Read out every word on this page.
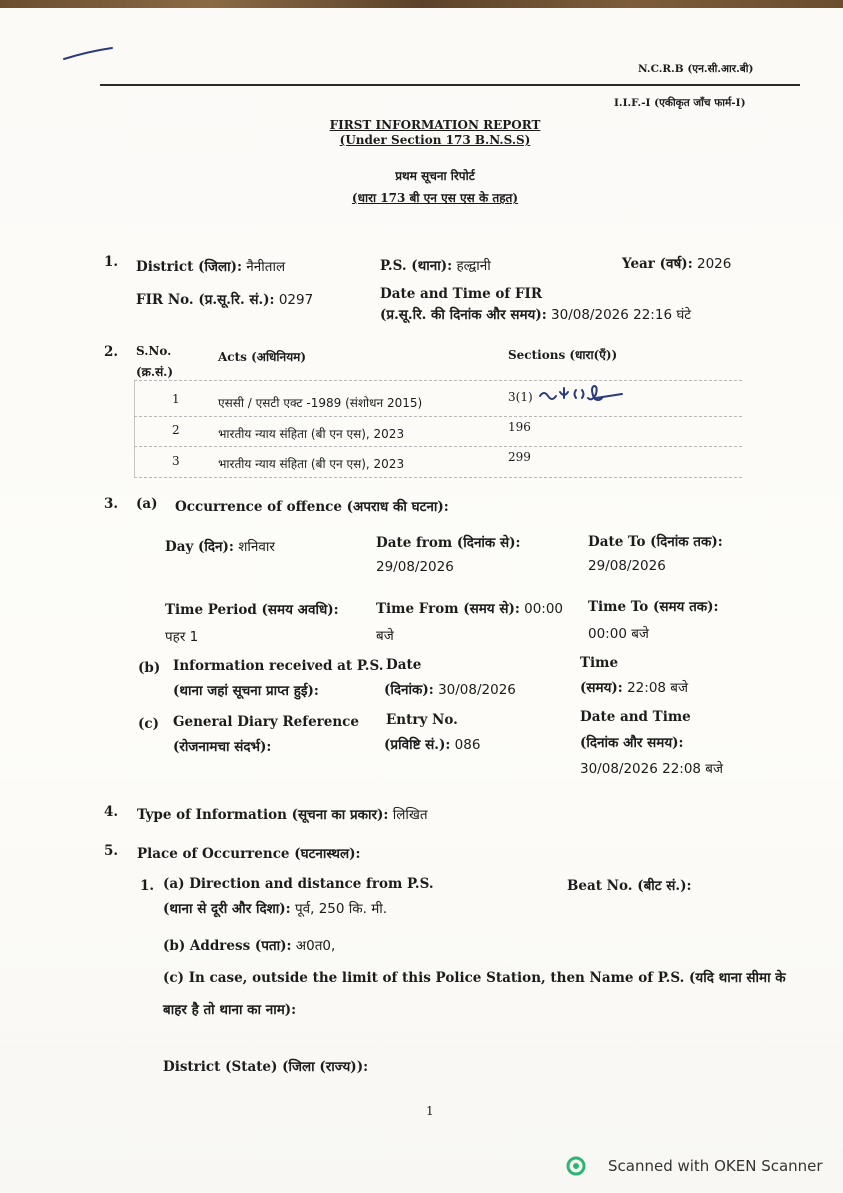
N.C.R.B (एन.सी.आर.बी)
I.I.F.-I (एकीकृत जाँच फार्म-I)
FIRST INFORMATION REPORT
(Under Section 173 B.N.S.S)
प्रथम सूचना रिपोर्ट
(धारा 173 बी एन एस एस के तहत)
1. District (जिला): नैनीताल	P.S. (थाना): हल्द्वानी	Year (वर्ष): 2026
FIR No. (प्र.सू.रि. सं.): 0297	Date and Time of FIR
(प्र.सू.रि. की दिनांक और समय): 30/08/2026 22:16 घंटे
2. S.No.
(क्र.सं.)
Acts (अधिनियम)	Sections (धारा(एँ))
1	एससी / एसटी एक्ट -1989 (संशोधन 2015)	3(1)
2	भारतीय न्याय संहिता (बी एन एस), 2023	196
3	भारतीय न्याय संहिता (बी एन एस), 2023	299
3. (a) Occurrence of offence (अपराध की घटना):
Day (दिन): शनिवार	Date from (दिनांक से):
29/08/2026
Date To (दिनांक तक):
29/08/2026
Time Period (समय अवधि):
पहर 1
Time From (समय से): 00:00
बजे
Time To (समय तक):
00:00 बजे
(b) Information received at P.S.
(थाना जहां सूचना प्राप्त हुई):
Date
(दिनांक): 30/08/2026
Time
(समय): 22:08 बजे
(c) General Diary Reference
(रोजनामचा संदर्भ):
Entry No.
(प्रविष्टि सं.): 086
Date and Time
(दिनांक और समय):
30/08/2026 22:08 बजे
4. Type of Information (सूचना का प्रकार): लिखित
5. Place of Occurrence (घटनास्थल):
1. (a) Direction and distance from P.S.
(थाना से दूरी और दिशा): पूर्व, 250 कि. मी.
Beat No. (बीट सं.):
(b) Address (पता): अ0त0,
(c) In case, outside the limit of this Police Station, then Name of P.S. (यदि थाना सीमा के
बाहर है तो थाना का नाम):
District (State) (जिला (राज्य)):
1
Scanned with OKEN Scanner
